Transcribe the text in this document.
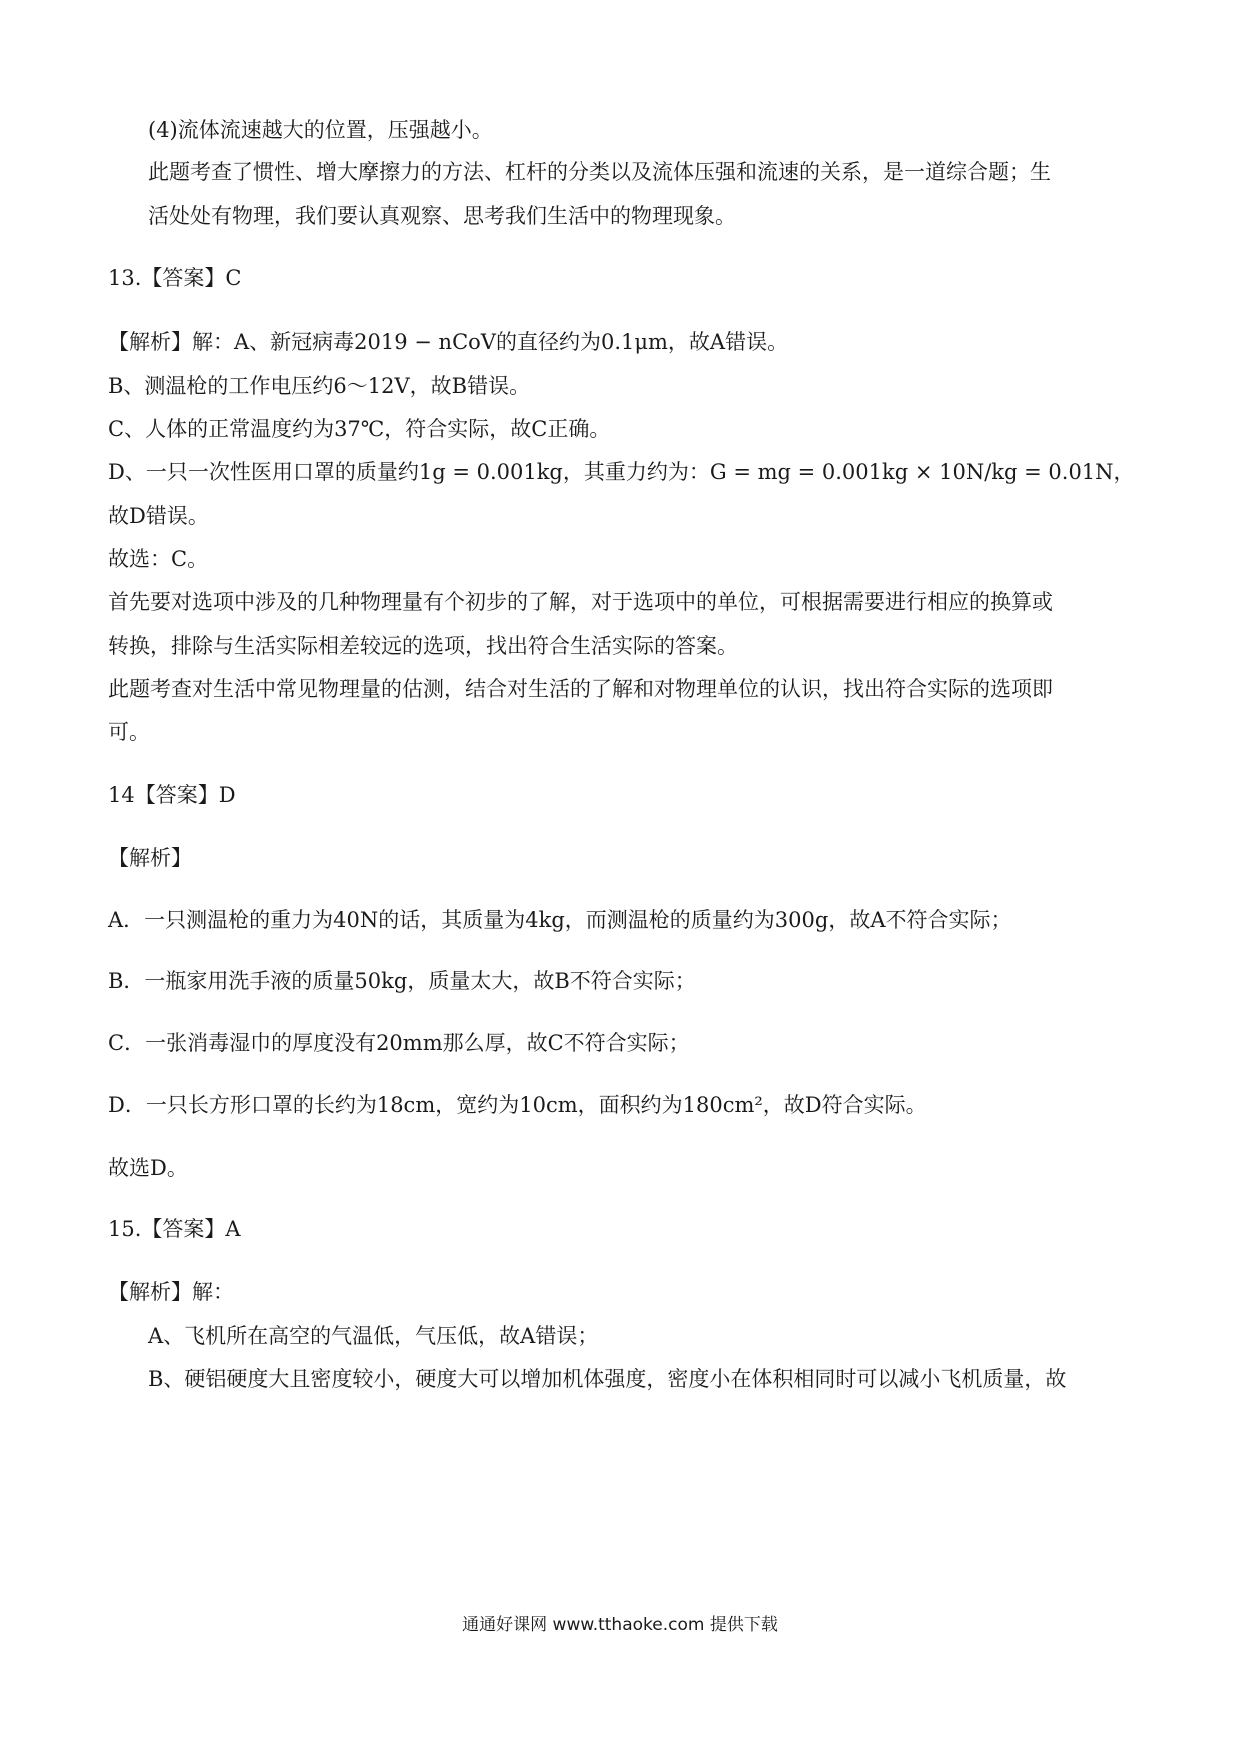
(4)流体流速越大的位置，压强越小。
此题考查了惯性、增大摩擦力的方法、杠杆的分类以及流体压强和流速的关系，是一道综合题；生
活处处有物理，我们要认真观察、思考我们生活中的物理现象。
13.【答案】C
【解析】解：A、新冠病毒2019 − nCoV的直径约为0.1μm，故A错误。
B、测温枪的工作电压约6～12V，故B错误。
C、人体的正常温度约为37℃，符合实际，故C正确。
D、一只一次性医用口罩的质量约1g = 0.001kg，其重力约为：G = mg = 0.001kg × 10N/kg = 0.01N，
故D错误。
故选：C。
首先要对选项中涉及的几种物理量有个初步的了解，对于选项中的单位，可根据需要进行相应的换算或
转换，排除与生活实际相差较远的选项，找出符合生活实际的答案。
此题考查对生活中常见物理量的估测，结合对生活的了解和对物理单位的认识，找出符合实际的选项即
可。
14【答案】D
【解析】
A．一只测温枪的重力为40N的话，其质量为4kg，而测温枪的质量约为300g，故A不符合实际；
B．一瓶家用洗手液的质量50kg，质量太大，故B不符合实际；
C．一张消毒湿巾的厚度没有20mm那么厚，故C不符合实际；
D．一只长方形口罩的长约为18cm，宽约为10cm，面积约为180cm²，故D符合实际。
故选D。
15.【答案】A
【解析】解：
A、飞机所在高空的气温低，气压低，故A错误；
B、硬铝硬度大且密度较小，硬度大可以增加机体强度，密度小在体积相同时可以减小飞机质量，故
通通好课网 www.tthaoke.com 提供下载
